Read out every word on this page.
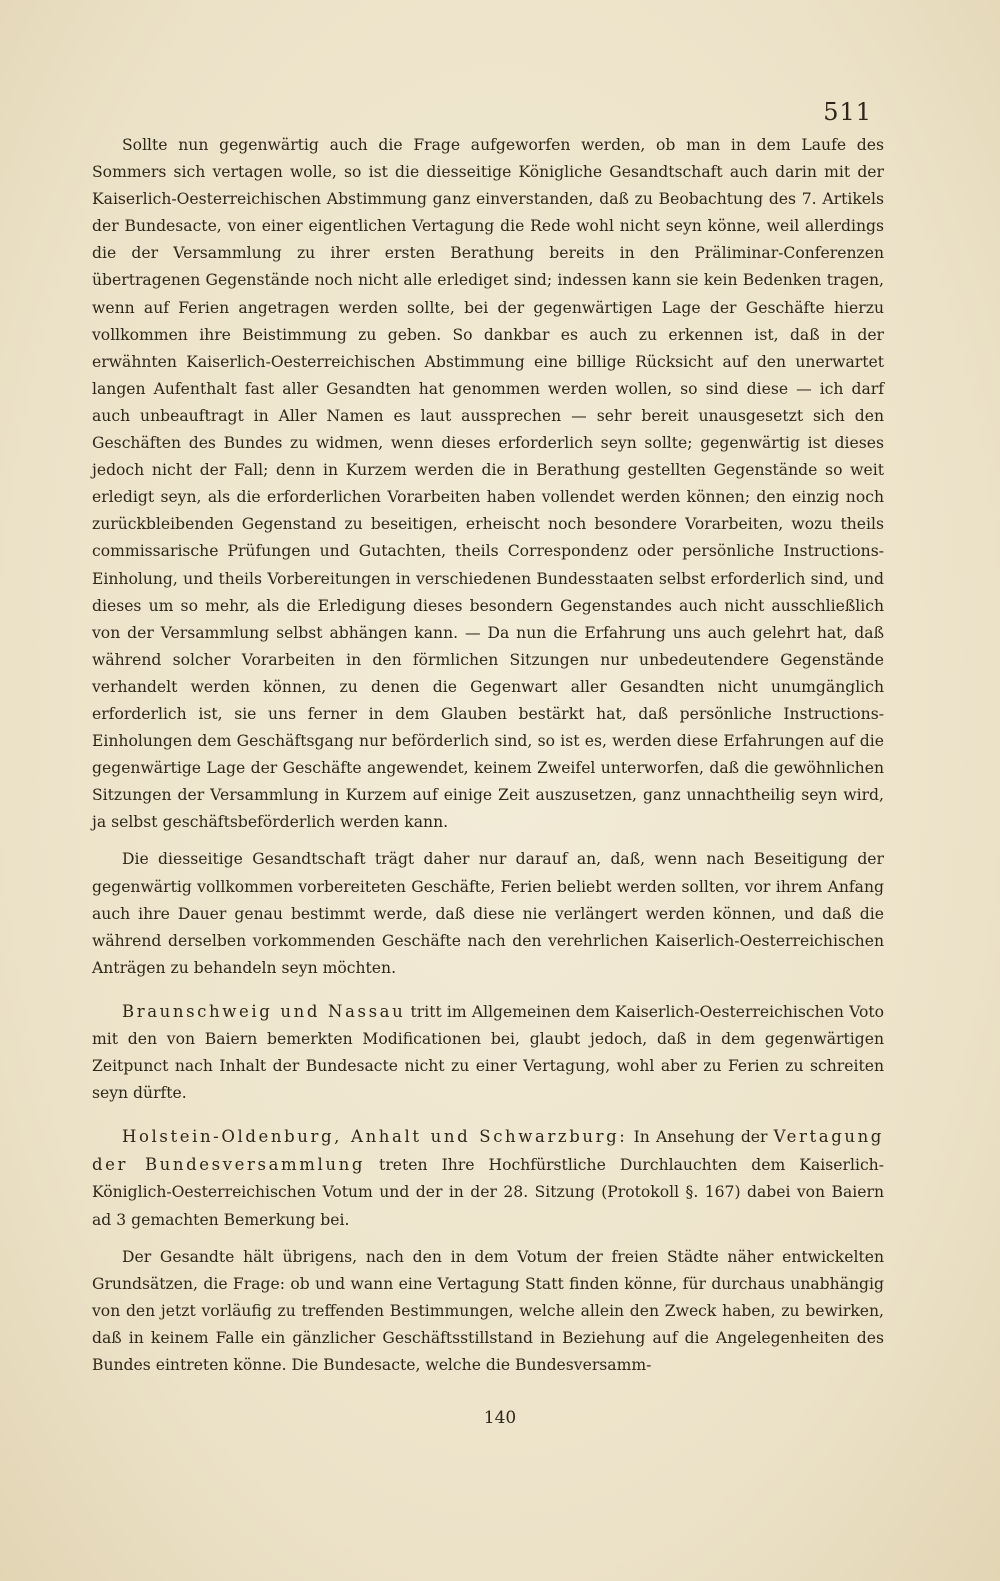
511

Sollte nun gegenwärtig auch die Frage aufgeworfen werden, ob man in dem Laufe des Sommers sich vertagen wolle, so ist die diesseitige Königliche Gesandtschaft auch darin mit der Kaiserlich-Oesterreichischen Abstimmung ganz einverstanden, daß zu Beobachtung des 7. Artikels der Bundesacte, von einer eigentlichen Vertagung die Rede wohl nicht seyn könne, weil allerdings die der Versammlung zu ihrer ersten Berathung bereits in den Präliminar-Conferenzen übertragenen Gegenstände noch nicht alle erlediget sind; indessen kann sie kein Bedenken tragen, wenn auf Ferien angetragen werden sollte, bei der gegenwärtigen Lage der Geschäfte hierzu vollkommen ihre Beistimmung zu geben. So dankbar es auch zu erkennen ist, daß in der erwähnten Kaiserlich-Oesterreichischen Abstimmung eine billige Rücksicht auf den unerwartet langen Aufenthalt fast aller Gesandten hat genommen werden wollen, so sind diese — ich darf auch unbeauftragt in Aller Namen es laut aussprechen — sehr bereit unausgesetzt sich den Geschäften des Bundes zu widmen, wenn dieses erforderlich seyn sollte; gegenwärtig ist dieses jedoch nicht der Fall; denn in Kurzem werden die in Berathung gestellten Gegenstände so weit erledigt seyn, als die erforderlichen Vorarbeiten haben vollendet werden können; den einzig noch zurückbleibenden Gegenstand zu beseitigen, erheischt noch besondere Vorarbeiten, wozu theils commissarische Prüfungen und Gutachten, theils Correspondenz oder persönliche Instructions-Einholung, und theils Vorbereitungen in verschiedenen Bundesstaaten selbst erforderlich sind, und dieses um so mehr, als die Erledigung dieses besondern Gegenstandes auch nicht ausschließlich von der Versammlung selbst abhängen kann. — Da nun die Erfahrung uns auch gelehrt hat, daß während solcher Vorarbeiten in den förmlichen Sitzungen nur unbedeutendere Gegenstände verhandelt werden können, zu denen die Gegenwart aller Gesandten nicht unumgänglich erforderlich ist, sie uns ferner in dem Glauben bestärkt hat, daß persönliche Instructions-Einholungen dem Geschäftsgang nur beförderlich sind, so ist es, werden diese Erfahrungen auf die gegenwärtige Lage der Geschäfte angewendet, keinem Zweifel unterworfen, daß die gewöhnlichen Sitzungen der Versammlung in Kurzem auf einige Zeit auszusetzen, ganz unnachtheilig seyn wird, ja selbst geschäftsbeförderlich werden kann.

Die diesseitige Gesandtschaft trägt daher nur darauf an, daß, wenn nach Beseitigung der gegenwärtig vollkommen vorbereiteten Geschäfte, Ferien beliebt werden sollten, vor ihrem Anfang auch ihre Dauer genau bestimmt werde, daß diese nie verlängert werden können, und daß die während derselben vorkommenden Geschäfte nach den verehrlichen Kaiserlich-Oesterreichischen Anträgen zu behandeln seyn möchten.

Braunschweig und Nassau tritt im Allgemeinen dem Kaiserlich-Oesterreichischen Voto mit den von Baiern bemerkten Modificationen bei, glaubt jedoch, daß in dem gegenwärtigen Zeitpunct nach Inhalt der Bundesacte nicht zu einer Vertagung, wohl aber zu Ferien zu schreiten seyn dürfte.

Holstein-Oldenburg, Anhalt und Schwarzburg: In Ansehung der Vertagung der Bundesversammlung treten Ihre Hochfürstliche Durchlauchten dem Kaiserlich-Königlich-Oesterreichischen Votum und der in der 28. Sitzung (Protokoll §. 167) dabei von Baiern ad 3 gemachten Bemerkung bei.

Der Gesandte hält übrigens, nach den in dem Votum der freien Städte näher entwickelten Grundsätzen, die Frage: ob und wann eine Vertagung Statt finden könne, für durchaus unabhängig von den jetzt vorläufig zu treffenden Bestimmungen, welche allein den Zweck haben, zu bewirken, daß in keinem Falle ein gänzlicher Geschäftsstillstand in Beziehung auf die Angelegenheiten des Bundes eintreten könne. Die Bundesacte, welche die Bundesversamm-

140
